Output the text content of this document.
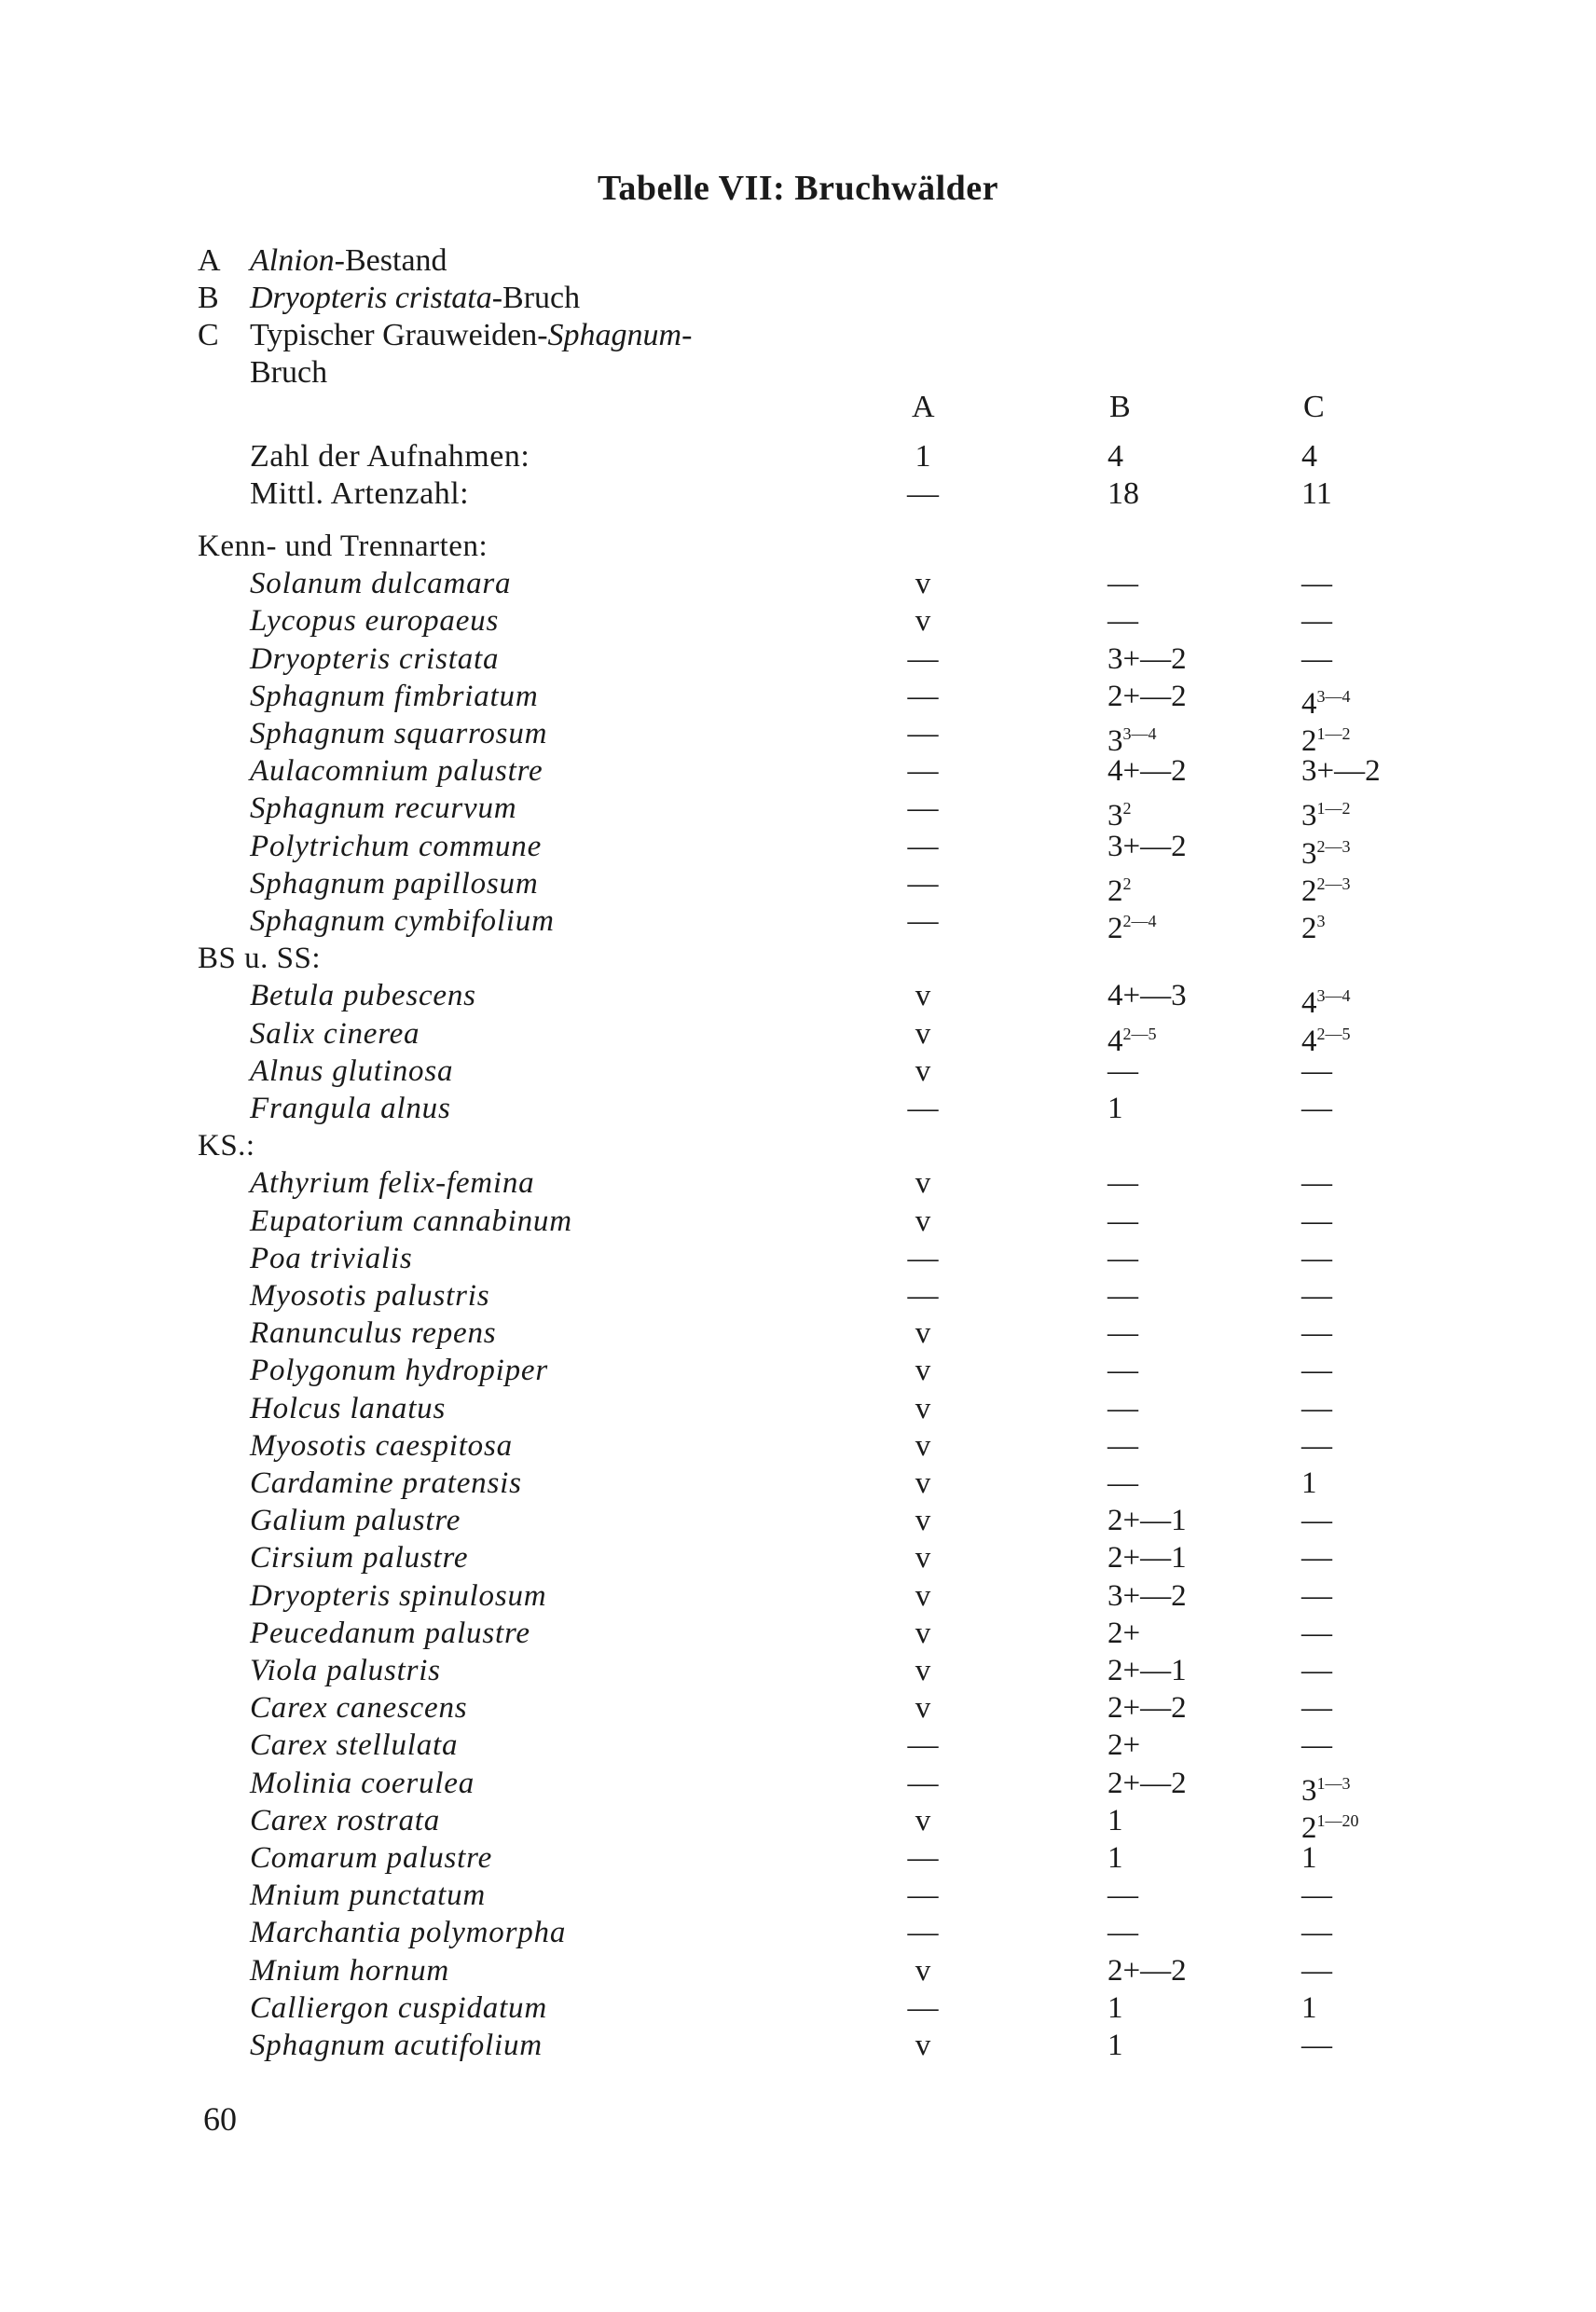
Tabelle VII: Bruchwälder
A Alnion-Bestand
B Dryopteris cristata-Bruch
C Typischer Grauweiden-Sphagnum-
Bruch
A	B	C
Zahl der Aufnahmen:	1	4	4
Mittl. Artenzahl:	—	18	11
Kenn- und Trennarten:
Solanum dulcamara	v	—	—
Lycopus europaeus	v	—	—
Dryopteris cristata	—	3+—2	—
Sphagnum fimbriatum	—	2+—2	$4^{3—4}$
Sphagnum squarrosum	—	$3^{3—4}$	$2^{1—2}$
Aulacomnium palustre	—	4+—2	3+—2
Sphagnum recurvum	—	$3^2$	$3^{1—2}$
Polytrichum commune	—	3+—2	$3^{2—3}$
Sphagnum papillosum	—	$2^2$	$2^{2—3}$
Sphagnum cymbifolium	—	$2^{2—4}$	$2^3$
BS u. SS:
Betula pubescens	v	4+—3	$4^{3—4}$
Salix cinerea	v	$4^{2—5}$	$4^{2—5}$
Alnus glutinosa	v	—	—
Frangula alnus	—	1	—
KS.:
Athyrium felix-femina	v	—	—
Eupatorium cannabinum	v	—	—
Poa trivialis	—	—	—
Myosotis palustris	—	—	—
Ranunculus repens	v	—	—
Polygonum hydropiper	v	—	—
Holcus lanatus	v	—	—
Myosotis caespitosa	v	—	—
Cardamine pratensis	v	—	1
Galium palustre	v	2+—1	—
Cirsium palustre	v	2+—1	—
Dryopteris spinulosum	v	3+—2	—
Peucedanum palustre	v	2+	—
Viola palustris	v	2+—1	—
Carex canescens	v	2+—2	—
Carex stellulata	—	2+	—
Molinia coerulea	—	2+—2	$3^{1—3}$
Carex rostrata	v	1	$2^{1—20}$
Comarum palustre	—	1	1
Mnium punctatum	—	—	—
Marchantia polymorpha	—	—	—
Mnium hornum	v	2+—2	—
Calliergon cuspidatum	—	1	1
Sphagnum acutifolium	v	1	—
60
